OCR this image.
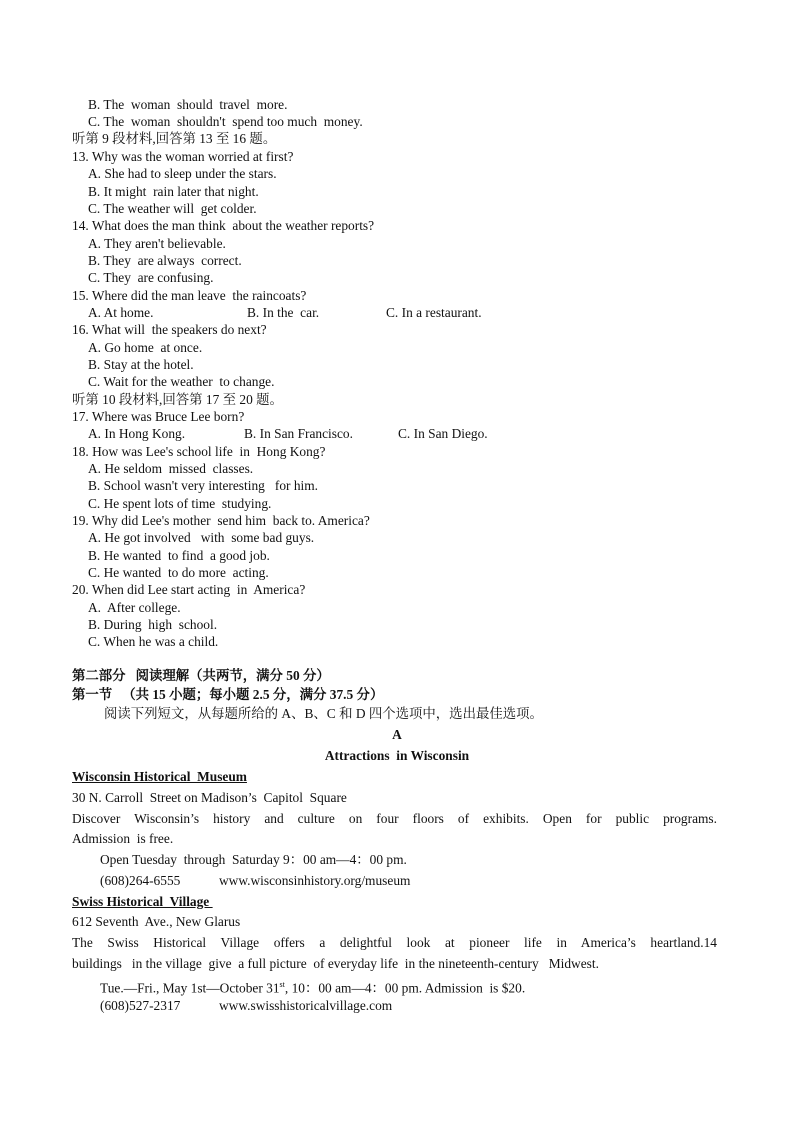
B. The  woman  should  travel  more.
C. The  woman  shouldn't  spend too much  money.
听第 9 段材料,回答第 13 至 16 题。
13. Why was the woman worried at first?
A. She had to sleep under the stars.
B. It might  rain later that night.
C. The weather will  get colder.
14. What does the man think  about the weather reports?
A. They aren't believable.
B. They  are always  correct.
C. They  are confusing.
15. Where did the man leave  the raincoats?
A. At home.	B. In the  car.	C. In a restaurant.
16. What will  the speakers do next?
A. Go home  at once.
B. Stay at the hotel.
C. Wait for the weather  to change.
听第 10 段材料,回答第 17 至 20 题。
17. Where was Bruce Lee born?
A. In Hong Kong.	B. In San Francisco.	C. In San Diego.
18. How was Lee's school life  in  Hong Kong?
A. He seldom  missed  classes.
B. School wasn't very interesting   for him.
C. He spent lots of time  studying.
19. Why did Lee's mother  send him  back to. America?
A. He got involved   with  some bad guys.
B. He wanted  to find  a good job.
C. He wanted  to do more  acting.
20. When did Lee start acting  in  America?
A.  After college.
B. During  high  school.
C. When he was a child.
第二部分   阅读理解（共两节，满分 50 分）
第一节   （共 15 小题；每小题 2.5 分，满分 37.5 分）
阅读下列短文，从每题所给的 A、B、C 和 D 四个选项中，选出最佳选项。
A
Attractions  in Wisconsin
Wisconsin Historical  Museum
30 N. Carroll  Street on Madison’s  Capitol  Square
Discover Wisconsin’s history and culture on four floors of exhibits. Open for public programs.
Admission  is free.
Open Tuesday  through  Saturday 9：00 am—4：00 pm.
(608)264-6555	www.wisconsinhistory.org/museum
Swiss Historical  Village
612 Seventh  Ave., New Glarus
The Swiss Historical Village offers a delightful look at pioneer life in America’s heartland.14
buildings   in the village  give  a full picture  of everyday life  in the nineteenth-century   Midwest.
Tue.—Fri., May 1st—October 31st, 10：00 am—4：00 pm. Admission  is $20.
(608)527-2317	www.swisshistoricalvillage.com
